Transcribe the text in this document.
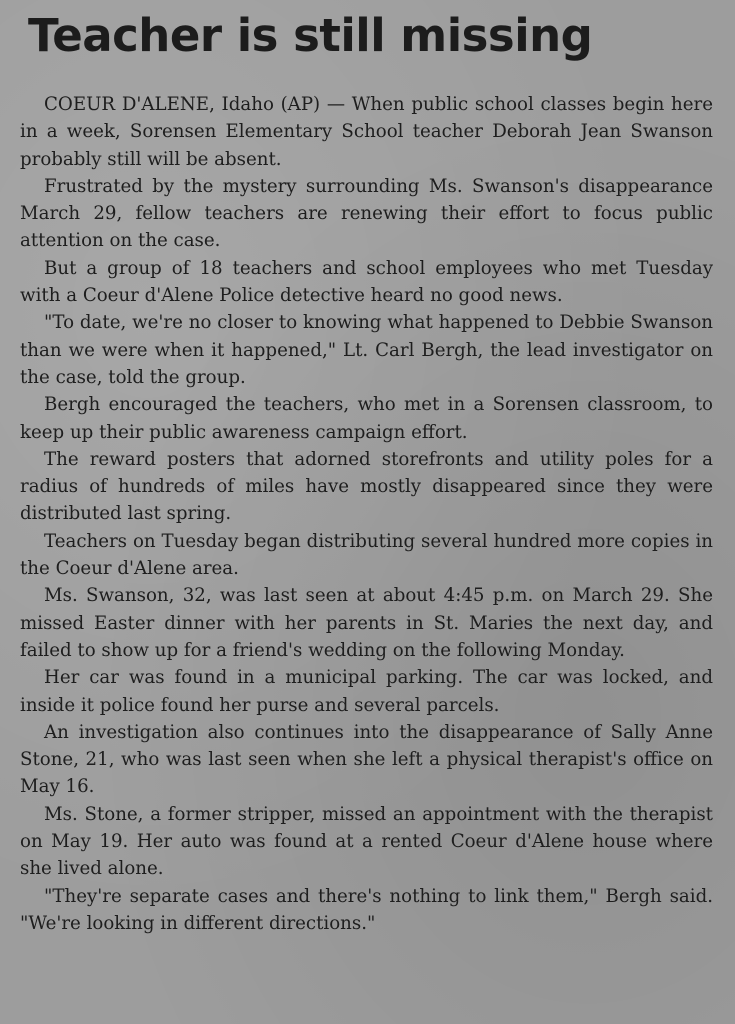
Teacher is still missing

COEUR D'ALENE, Idaho (AP) — When public school classes begin here in a week, Sorensen Elementary School teacher Deborah Jean Swanson probably still will be absent.

Frustrated by the mystery surrounding Ms. Swanson's disappearance March 29, fellow teachers are renewing their effort to focus public attention on the case.

But a group of 18 teachers and school employees who met Tuesday with a Coeur d'Alene Police detective heard no good news.

"To date, we're no closer to knowing what happened to Debbie Swanson than we were when it happened," Lt. Carl Bergh, the lead investigator on the case, told the group.

Bergh encouraged the teachers, who met in a Sorensen classroom, to keep up their public awareness campaign effort.

The reward posters that adorned storefronts and utility poles for a radius of hundreds of miles have mostly disappeared since they were distributed last spring.

Teachers on Tuesday began distributing several hundred more copies in the Coeur d'Alene area.

Ms. Swanson, 32, was last seen at about 4:45 p.m. on March 29. She missed Easter dinner with her parents in St. Maries the next day, and failed to show up for a friend's wedding on the following Monday.

Her car was found in a municipal parking. The car was locked, and inside it police found her purse and several parcels.

An investigation also continues into the disappearance of Sally Anne Stone, 21, who was last seen when she left a physical therapist's office on May 16.

Ms. Stone, a former stripper, missed an appointment with the therapist on May 19. Her auto was found at a rented Coeur d'Alene house where she lived alone.

"They're separate cases and there's nothing to link them," Bergh said. "We're looking in different directions."
